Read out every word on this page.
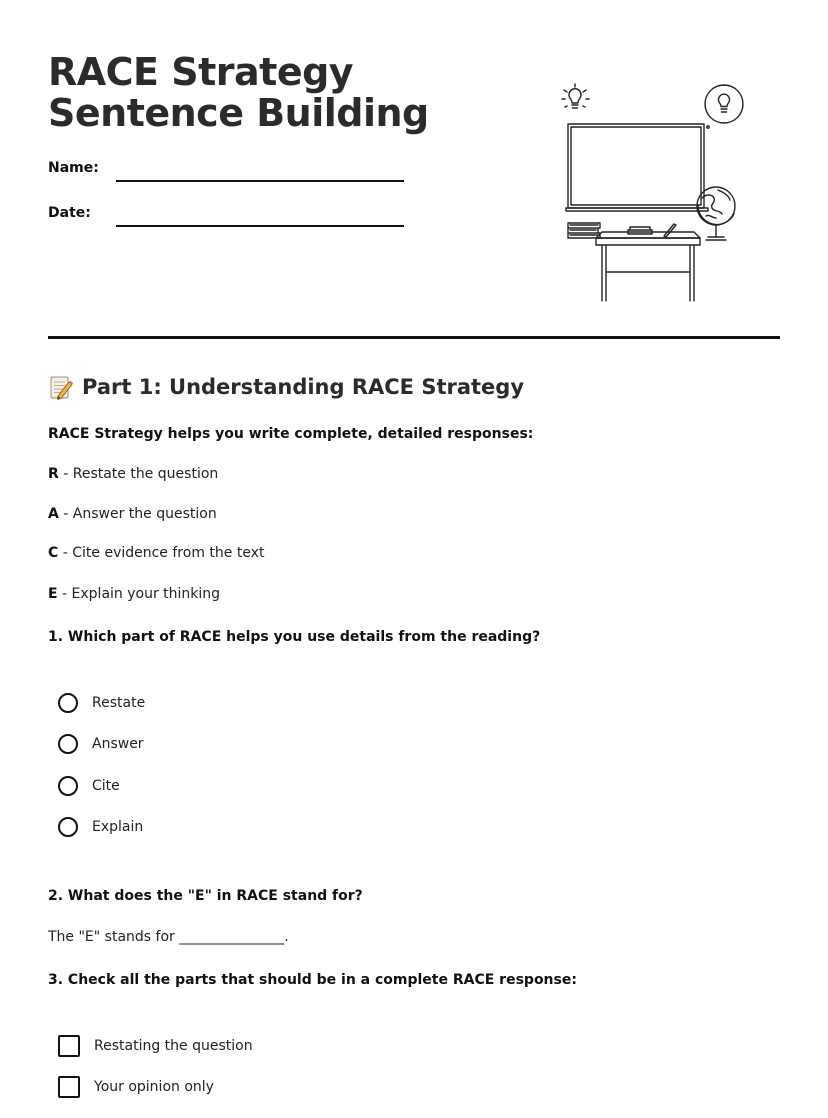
RACE Strategy Sentence Building
Name:
Date:
Part 1: Understanding RACE Strategy
RACE Strategy helps you write complete, detailed responses:
R - Restate the question
A - Answer the question
C - Cite evidence from the text
E - Explain your thinking
1. Which part of RACE helps you use details from the reading?
Restate
Answer
Cite
Explain
2. What does the "E" in RACE stand for?
The "E" stands for _______________.
3. Check all the parts that should be in a complete RACE response:
Restating the question
Your opinion only
